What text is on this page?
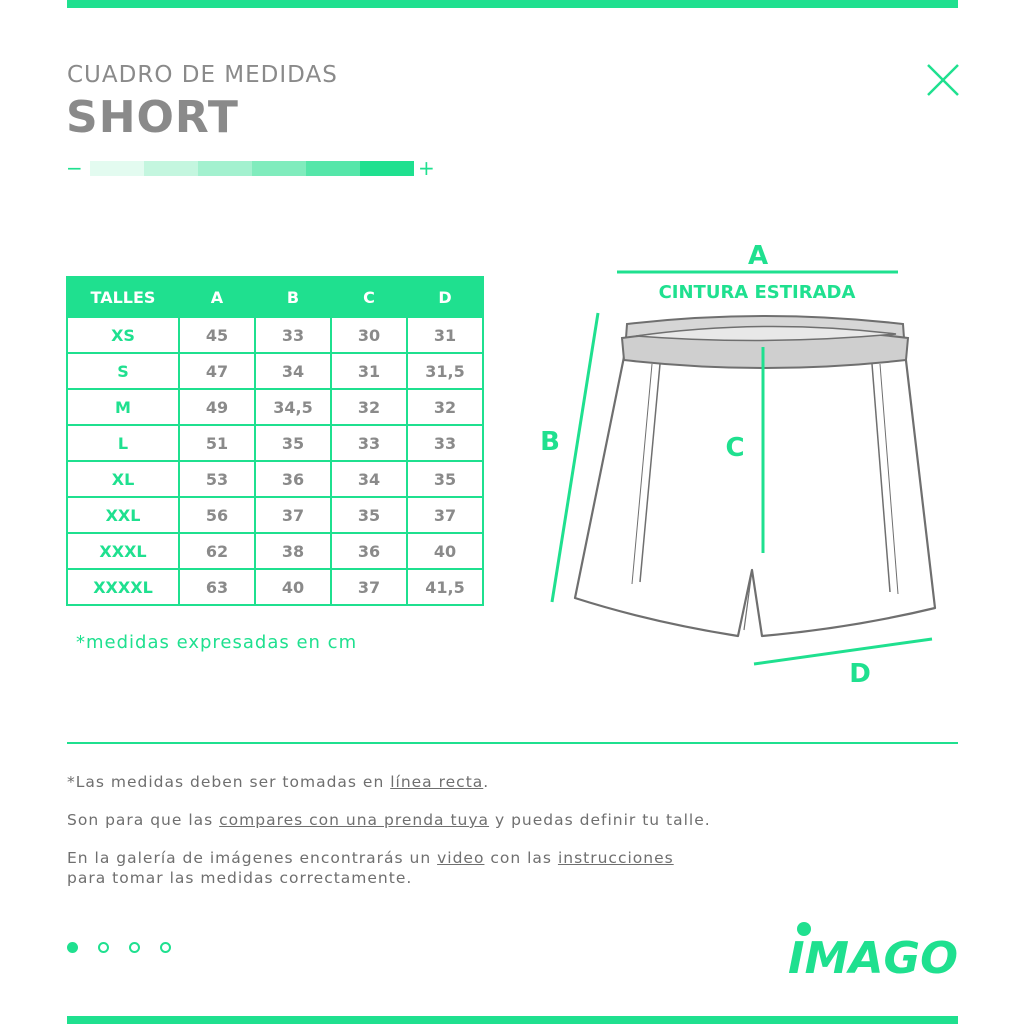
CUADRO DE MEDIDAS
SHORT
−	+
TALLES	A	B	C	D
XS	45	33	30	31
S	47	34	31	31,5
M	49	34,5	32	32
L	51	35	33	33
XL	53	36	34	35
XXL	56	37	35	37
XXXL	62	38	36	40
XXXXL	63	40	37	41,5
*medidas expresadas en cm
A
CINTURA ESTIRADA
B	C
D
*Las medidas deben ser tomadas en línea recta.
Son para que las compares con una prenda tuya y puedas definir tu talle.
En la galería de imágenes encontrarás un video con las instrucciones
para tomar las medidas correctamente.
IMAGO
